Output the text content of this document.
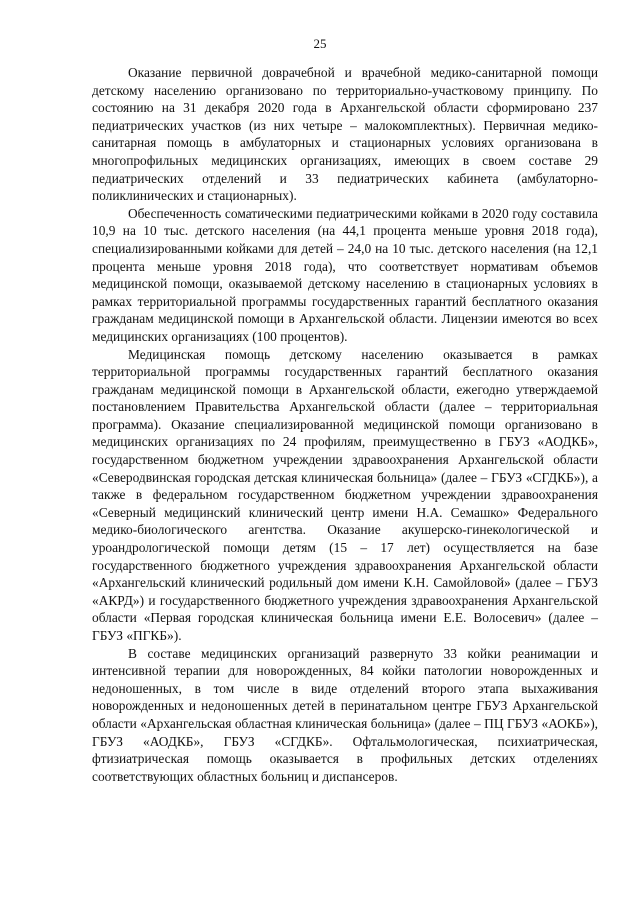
25

Оказание первичной доврачебной и врачебной медико-санитарной помощи детскому населению организовано по территориально-участковому принципу. По состоянию на 31 декабря 2020 года в Архангельской области сформировано 237 педиатрических участков (из них четыре – малокомплектных). Первичная медико-санитарная помощь в амбулаторных и стационарных условиях организована в многопрофильных медицинских организациях, имеющих в своем составе 29 педиатрических отделений и 33 педиатрических кабинета (амбулаторно-поликлинических и стационарных).

Обеспеченность соматическими педиатрическими койками в 2020 году составила 10,9 на 10 тыс. детского населения (на 44,1 процента меньше уровня 2018 года), специализированными койками для детей – 24,0 на 10 тыс. детского населения (на 12,1 процента меньше уровня 2018 года), что соответствует нормативам объемов медицинской помощи, оказываемой детскому населению в стационарных условиях в рамках территориальной программы государственных гарантий бесплатного оказания гражданам медицинской помощи в Архангельской области. Лицензии имеются во всех медицинских организациях (100 процентов).

Медицинская помощь детскому населению оказывается в рамках территориальной программы государственных гарантий бесплатного оказания гражданам медицинской помощи в Архангельской области, ежегодно утверждаемой постановлением Правительства Архангельской области (далее – территориальная программа). Оказание специализированной медицинской помощи организовано в медицинских организациях по 24 профилям, преимущественно в ГБУЗ «АОДКБ», государственном бюджетном учреждении здравоохранения Архангельской области «Северодвинская городская детская клиническая больница» (далее – ГБУЗ «СГДКБ»), а также в федеральном государственном бюджетном учреждении здравоохранения «Северный медицинский клинический центр имени Н.А. Семашко» Федерального медико-биологического агентства. Оказание акушерско-гинекологической и уроандрологической помощи детям (15 – 17 лет) осуществляется на базе государственного бюджетного учреждения здравоохранения Архангельской области «Архангельский клинический родильный дом имени К.Н. Самойловой» (далее – ГБУЗ «АКРД») и государственного бюджетного учреждения здравоохранения Архангельской области «Первая городская клиническая больница имени Е.Е. Волосевич» (далее – ГБУЗ «ПГКБ»).

В составе медицинских организаций развернуто 33 койки реанимации и интенсивной терапии для новорожденных, 84 койки патологии новорожденных и недоношенных, в том числе в виде отделений второго этапа выхаживания новорожденных и недоношенных детей в перинатальном центре ГБУЗ Архангельской области «Архангельская областная клиническая больница» (далее – ПЦ ГБУЗ «АОКБ»), ГБУЗ «АОДКБ», ГБУЗ «СГДКБ». Офтальмологическая, психиатрическая, фтизиатрическая помощь оказывается в профильных детских отделениях соответствующих областных больниц и диспансеров.
